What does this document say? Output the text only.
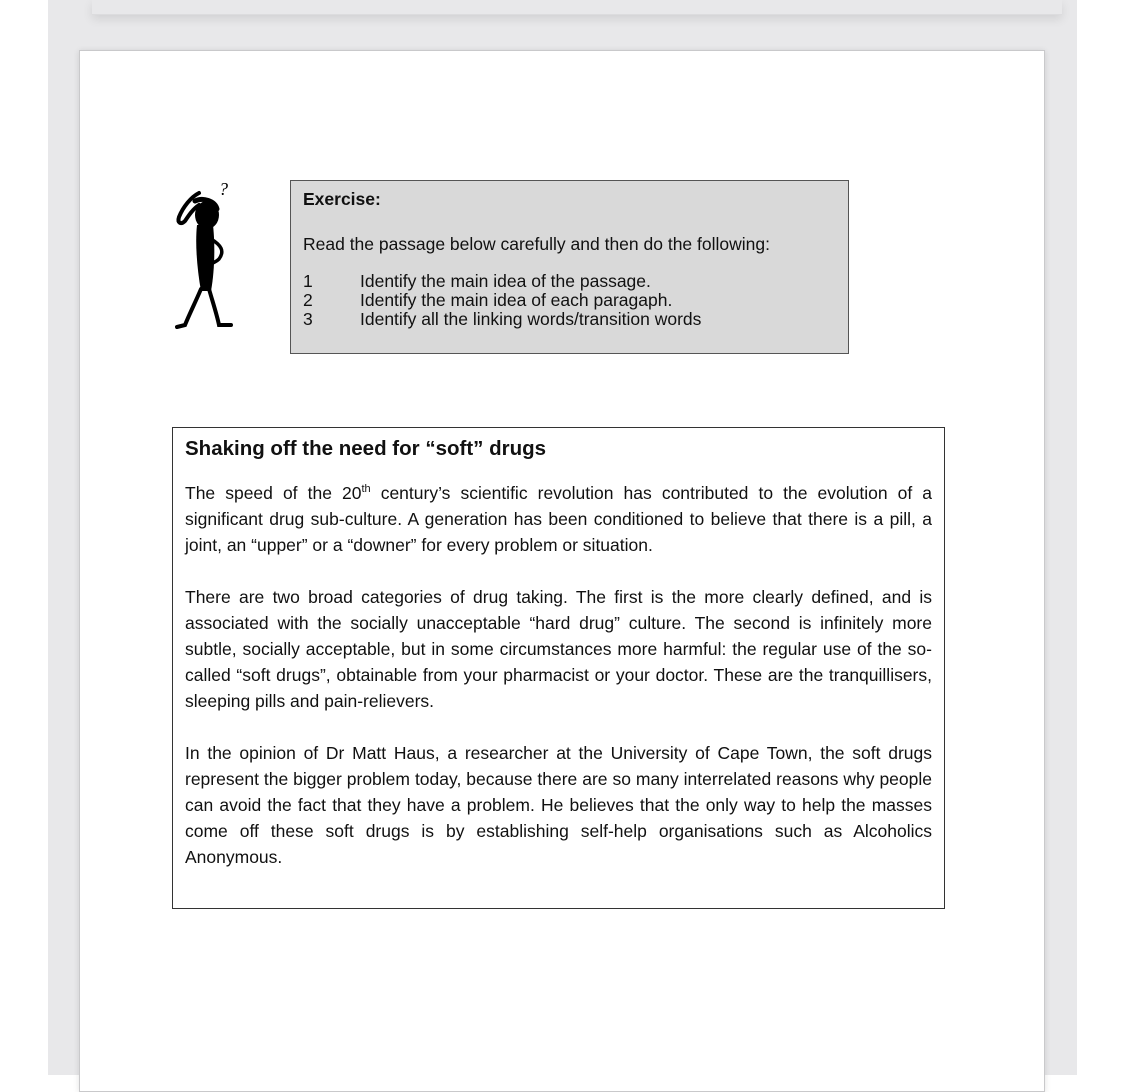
?	Exercise:

Read the passage below carefully and then do the following:

1	Identify the main idea of the passage.
2	Identify the main idea of each paragaph.
3	Identify all the linking words/transition words

Shaking off the need for “soft” drugs

The speed of the 20th century’s scientific revolution has contributed to the evolution of a significant drug sub-culture. A generation has been conditioned to believe that there is a pill, a joint, an “upper” or a “downer” for every problem or situation.

There are two broad categories of drug taking. The first is the more clearly defined, and is associated with the socially unacceptable “hard drug” culture. The second is infinitely more subtle, socially acceptable, but in some circumstances more harmful: the regular use of the so-called “soft drugs”, obtainable from your pharmacist or your doctor. These are the tranquillisers, sleeping pills and pain-relievers.

In the opinion of Dr Matt Haus, a researcher at the University of Cape Town, the soft drugs represent the bigger problem today, because there are so many interrelated reasons why people can avoid the fact that they have a problem. He believes that the only way to help the masses come off these soft drugs is by establishing self-help organisations such as Alcoholics Anonymous.
